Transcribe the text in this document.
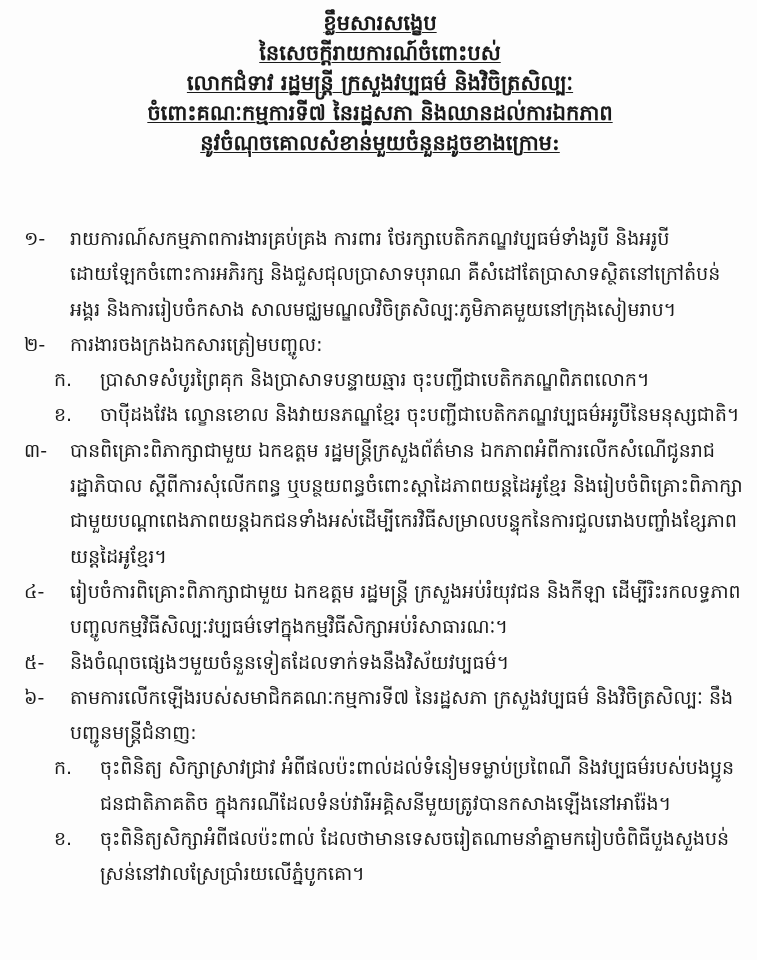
ខ្លឹមសារសង្ខេប
នៃសេចក្តីរាយការណ៍ចំពោះបស់
លោកជំទាវ រដ្ឋមន្ត្រី ក្រសួងវប្បធម៌ និងវិចិត្រសិល្បៈ
ចំពោះគណៈកម្មការទី៧ នៃរដ្ឋសភា និងឈានដល់ការឯកភាព
នូវចំណុចគោលសំខាន់មួយចំនួនដូចខាងក្រោម:
១-	រាយការណ៍សកម្មភាពការងារគ្រប់គ្រង ការពារ ថែរក្សាបេតិកភណ្ឌវប្បធម៌ទាំងរូបី និងអរូបី ដោយឡែកចំពោះការអភិរក្ស និងជួសជុលប្រាសាទបុរាណ គឺសំដៅតែប្រាសាទស្ថិតនៅក្រៅតំបន់អង្គរ និងការរៀបចំកសាង សាលមជ្ឈមណ្ឌលវិចិត្រសិល្បៈភូមិភាគមួយនៅក្រុងសៀមរាប។
២-	ការងារចងក្រងឯកសារត្រៀមបញ្ចូល:
ក.	ប្រាសាទសំបូរព្រៃគុក និងប្រាសាទបន្ទាយឆ្មារ ចុះបញ្ជីជាបេតិកភណ្ឌពិភពលោក។
ខ.	ចាប៉ីដងវែង ល្ខោនខោល និងវាយនភណ្ឌខ្មែរ ចុះបញ្ជីជាបេតិកភណ្ឌវប្បធម៌អរូបីនៃមនុស្សជាតិ។
៣-	បានពិគ្រោះពិភាក្សាជាមួយ ឯកឧត្តម រដ្ឋមន្ត្រីក្រសួងព័ត៌មាន ឯកភាពអំពីការលើកសំណើជូនរាជរដ្ឋាភិបាល ស្តីពីការសុំលើកពន្ធ ឬបន្ថយពន្ធចំពោះស្ពាដៃភាពយន្តដៃអូខ្មែរ និងរៀបចំពិគ្រោះពិភាក្សាជាមួយបណ្តាពេងភាពយន្តឯកជនទាំងអស់ដើម្បីកេរវិធីសម្រាលបន្ទុកនៃការជួលរោងបញ្ចាំងខ្សែភាពយន្តដៃអូខ្មែរ។
៤-	រៀបចំការពិគ្រោះពិភាក្សាជាមួយ ឯកឧត្តម រដ្ឋមន្ត្រី ក្រសួងអប់រំយុវជន និងកីឡា ដើម្បីរិះរកលទ្ធភាពបញ្ចូលកម្មវិធីសិល្បៈវប្បធម៌ទៅក្នុងកម្មវិធីសិក្សាអប់រំសាធារណៈ។
៥-	និងចំណុចផ្សេងៗមួយចំនួនទៀតដែលទាក់ទងនឹងវិស័យវប្បធម៌។
៦-	តាមការលើកឡើងរបស់សមាជិកគណៈកម្មការទី៧ នៃរដ្ឋសភា ក្រសួងវប្បធម៌ និងវិចិត្រសិល្បៈ នឹងបញ្ជូនមន្ត្រីជំនាញ:
ក.	ចុះពិនិត្យ សិក្សាស្រាវជ្រាវ អំពីផលប៉ះពាល់ដល់ទំនៀមទម្លាប់ប្រពៃណី និងវប្បធម៌របស់បងប្អូនជនជាតិភាគតិច ក្នុងករណីដែលទំនប់វារីអគ្គិសនីមួយត្រូវបានកសាងឡើងនៅអារ៉ែង។
ខ.	ចុះពិនិត្យសិក្សាអំពីផលប៉ះពាល់ ដែលថាមានទេសចរៀតណាមនាំគ្នាមករៀបចំពិធីបួងសួងបន់ស្រន់នៅវាលស្រែប្រាំរយលើភ្នំបូកគោ។
